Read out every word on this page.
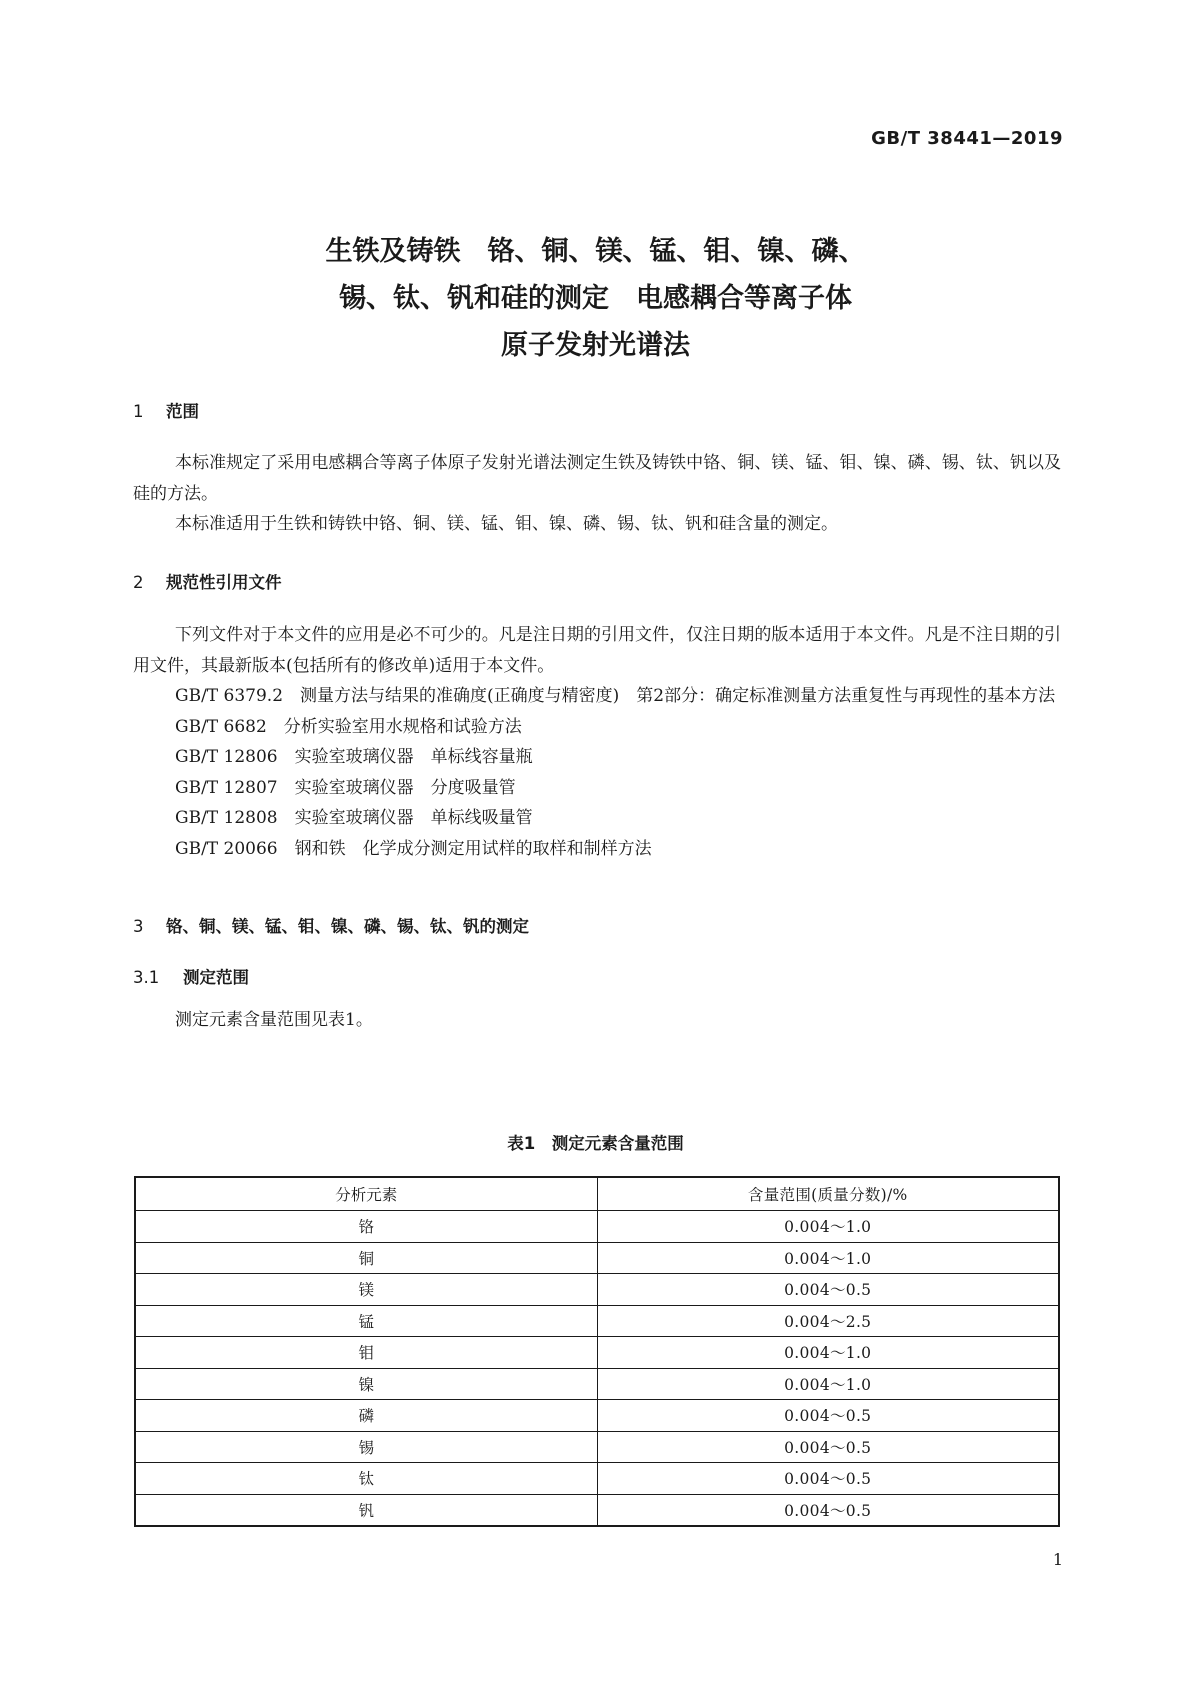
GB/T 38441—2019
生铁及铸铁　铬、铜、镁、锰、钼、镍、磷、
锡、钛、钒和硅的测定　电感耦合等离子体
原子发射光谱法
1 范围

本标准规定了采用电感耦合等离子体原子发射光谱法测定生铁及铸铁中铬、铜、镁、锰、钼、镍、磷、锡、钛、钒以及硅的方法。

本标准适用于生铁和铸铁中铬、铜、镁、锰、钼、镍、磷、锡、钛、钒和硅含量的测定。

2 规范性引用文件

下列文件对于本文件的应用是必不可少的。凡是注日期的引用文件，仅注日期的版本适用于本文件。凡是不注日期的引用文件，其最新版本(包括所有的修改单)适用于本文件。

GB/T 6379.2　测量方法与结果的准确度(正确度与精密度)　第2部分：确定标准测量方法重复性与再现性的基本方法

GB/T 6682　分析实验室用水规格和试验方法

GB/T 12806　实验室玻璃仪器　单标线容量瓶

GB/T 12807　实验室玻璃仪器　分度吸量管

GB/T 12808　实验室玻璃仪器　单标线吸量管

GB/T 20066　钢和铁　化学成分测定用试样的取样和制样方法

3 铬、铜、镁、锰、钼、镍、磷、锡、钛、钒的测定
3.1 测定范围

测定元素含量范围见表1。

表1　测定元素含量范围
分析元素	含量范围(质量分数)/%
铬	0.004～1.0
铜	0.004～1.0
镁	0.004～0.5
锰	0.004～2.5
钼	0.004～1.0
镍	0.004～1.0
磷	0.004～0.5
锡	0.004～0.5
钛	0.004～0.5
钒	0.004～0.5
1
